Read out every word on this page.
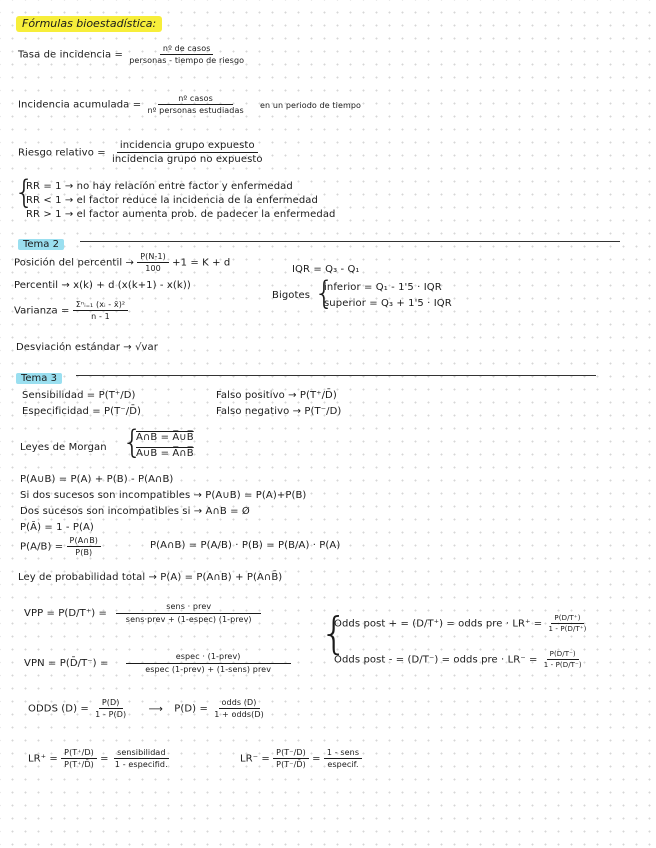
Fórmulas bioestadística:
Tasa de incidencia = $\frac{\text{nº de casos}}{\text{personas - tiempo de riesgo}}$
Incidencia acumulada = $\frac{\text{nº casos}}{\text{nº personas estudiadas}}$ en un periodo de tiempo
Riesgo relativo = $\frac{\text{incidencia grupo expuesto}}{\text{incidencia grupo no expuesto}}$
{
RR = 1 → no hay relación entre factor y enfermedad
RR < 1 → el factor reduce la incidencia de la enfermedad
RR > 1 → el factor aumenta prob. de padecer la enfermedad
Tema 2
Posición del percentil → $\frac{P(N-1)}{100} +1 = K + d$
Percentil → x(k) + d (x(k+1) - x(k))
IQR = Q₃ - Q₁
Bigotes {
inferior = Q₁ - 1'5 · IQR
superior = Q₃ + 1'5 · IQR
Varianza = $\frac{\text{Σⁿᵢ₌₁ (xᵢ - x̄)²}}{n - 1}$
Desviación estándar → √var
Tema 3
Sensibilidad = P(T⁺/D)
Especificidad = P(T⁻/D̄)
Falso positivo → P(T⁺/D̄)
Falso negativo → P(T⁻/D)
Leyes de Morgan {
A∩B = A̅∪B̅
A∪B = A̅∩B̅
P(A∪B) = P(A) + P(B) - P(A∩B)
Si dos sucesos son incompatibles → P(A∪B) = P(A)+P(B)
Dos sucesos son incompatibles si → A∩B = Ø
P(Ā) = 1 - P(A)
$P(A/B) = \frac{P(A\cap B)}{P(B)}$	P(A∩B) = P(A/B) · P(B) = P(B/A) · P(A)
Ley de probabilidad total → P(A) = P(A∩B) + P(A∩B̄)
VPP = $P(D/T^+) = \frac{\text{sens · prev}}{\text{sens·prev + (1-espec) (1-prev)}}$
VPN = P(D̄/T⁻) = $\frac{\text{espec · (1-prev)}}{\text{espec (1-prev) + (1-sens) prev}}$
{
Odds post + = (D/T⁺) = odds pre · $LR^+ = \frac{P(D/T^+)}{1 - P(D/T^+)}$
Odds post - = (D/T⁻) = odds pre · $LR^- = \frac{P(D/T^-)}{1 - P(D/T^-)}$
ODDS $(D) = \frac{P(D)}{1 - P(D)}$ ⟶ $P(D) = \frac{\text{odds (D)}}{\text{1 + odds(D)}}$
$LR^+ = \frac{P(T^+/D)}{P(T^+/D̄)} = \frac{\text{sensibilidad}}{\text{1 - especifid.}}$	$LR^- = \frac{P(T^-/D)}{P(T^-/D̄)} = \frac{\text{1 - sens}}{\text{especif.}}$
